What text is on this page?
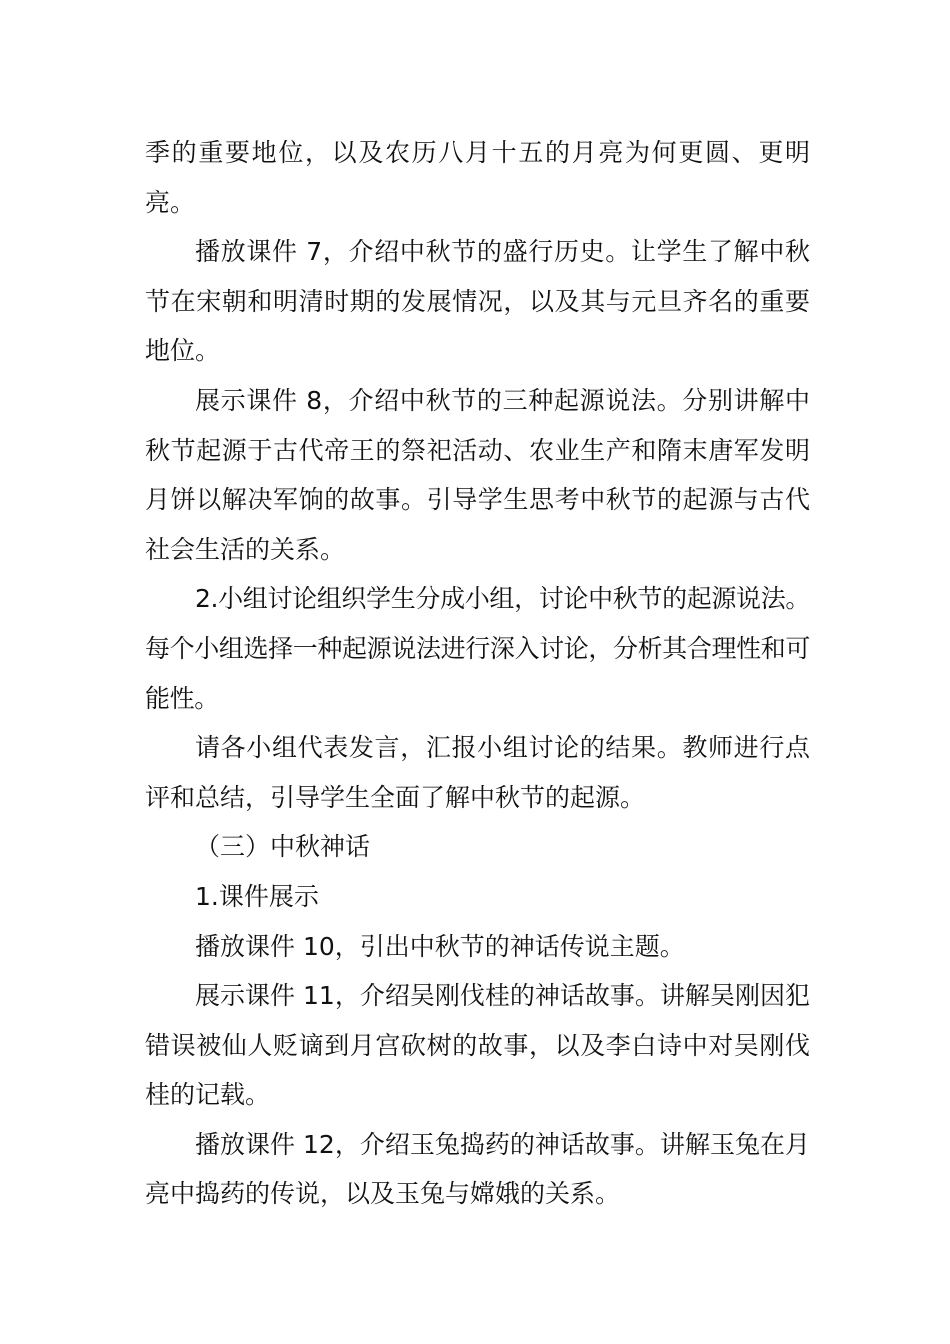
季的重要地位，以及农历八月十五的月亮为何更圆、更明亮。

播放课件 7，介绍中秋节的盛行历史。让学生了解中秋节在宋朝和明清时期的发展情况，以及其与元旦齐名的重要地位。

展示课件 8，介绍中秋节的三种起源说法。分别讲解中秋节起源于古代帝王的祭祀活动、农业生产和隋末唐军发明月饼以解决军饷的故事。引导学生思考中秋节的起源与古代社会生活的关系。

2.小组讨论组织学生分成小组，讨论中秋节的起源说法。每个小组选择一种起源说法进行深入讨论，分析其合理性和可能性。

请各小组代表发言，汇报小组讨论的结果。教师进行点评和总结，引导学生全面了解中秋节的起源。

（三）中秋神话

1.课件展示

播放课件 10，引出中秋节的神话传说主题。

展示课件 11，介绍吴刚伐桂的神话故事。讲解吴刚因犯错误被仙人贬谪到月宫砍树的故事，以及李白诗中对吴刚伐桂的记载。

播放课件 12，介绍玉兔捣药的神话故事。讲解玉兔在月亮中捣药的传说，以及玉兔与嫦娥的关系。
